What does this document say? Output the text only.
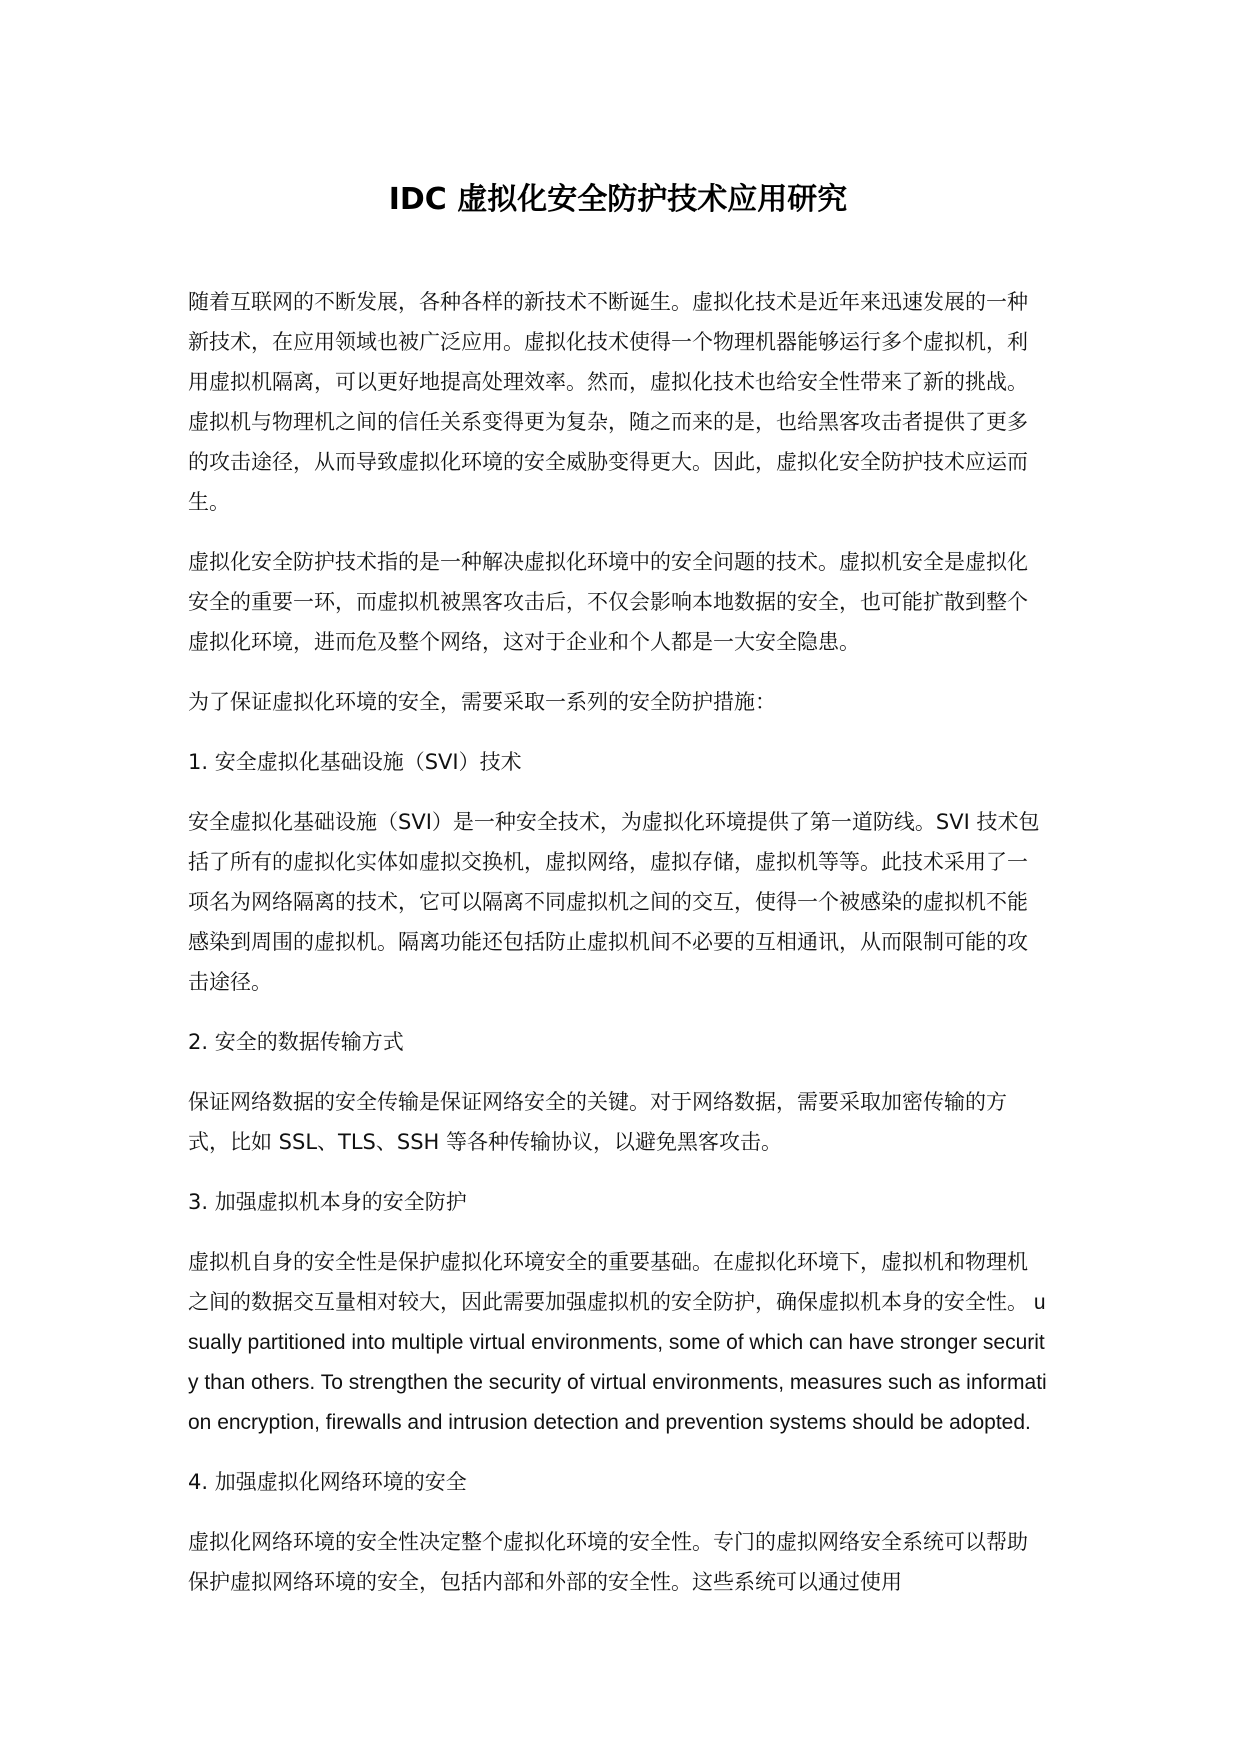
IDC 虚拟化安全防护技术应用研究

随着互联网的不断发展，各种各样的新技术不断诞生。虚拟化技术是近年来迅速发展的一种新技术，在应用领域也被广泛应用。虚拟化技术使得一个物理机器能够运行多个虚拟机，利用虚拟机隔离，可以更好地提高处理效率。然而，虚拟化技术也给安全性带来了新的挑战。虚拟机与物理机之间的信任关系变得更为复杂，随之而来的是，也给黑客攻击者提供了更多的攻击途径，从而导致虚拟化环境的安全威胁变得更大。因此，虚拟化安全防护技术应运而生。

虚拟化安全防护技术指的是一种解决虚拟化环境中的安全问题的技术。虚拟机安全是虚拟化安全的重要一环，而虚拟机被黑客攻击后，不仅会影响本地数据的安全，也可能扩散到整个虚拟化环境，进而危及整个网络，这对于企业和个人都是一大安全隐患。

为了保证虚拟化环境的安全，需要采取一系列的安全防护措施：

1. 安全虚拟化基础设施（SVI）技术

安全虚拟化基础设施（SVI）是一种安全技术，为虚拟化环境提供了第一道防线。SVI 技术包括了所有的虚拟化实体如虚拟交换机，虚拟网络，虚拟存储，虚拟机等等。此技术采用了一项名为网络隔离的技术，它可以隔离不同虚拟机之间的交互，使得一个被感染的虚拟机不能感染到周围的虚拟机。隔离功能还包括防止虚拟机间不必要的互相通讯，从而限制可能的攻击途径。

2. 安全的数据传输方式

保证网络数据的安全传输是保证网络安全的关键。对于网络数据，需要采取加密传输的方式，比如 SSL、TLS、SSH 等各种传输协议，以避免黑客攻击。

3. 加强虚拟机本身的安全防护

虚拟机自身的安全性是保护虚拟化环境安全的重要基础。在虚拟化环境下，虚拟机和物理机之间的数据交互量相对较大，因此需要加强虚拟机的安全防护，确保虚拟机本身的安全性。 usually partitioned into multiple virtual environments, some of which can have stronger security than others. To strengthen the security of virtual environments, measures such as information encryption, firewalls and intrusion detection and prevention systems should be adopted.

4. 加强虚拟化网络环境的安全

虚拟化网络环境的安全性决定整个虚拟化环境的安全性。专门的虚拟网络安全系统可以帮助保护虚拟网络环境的安全，包括内部和外部的安全性。这些系统可以通过使用
